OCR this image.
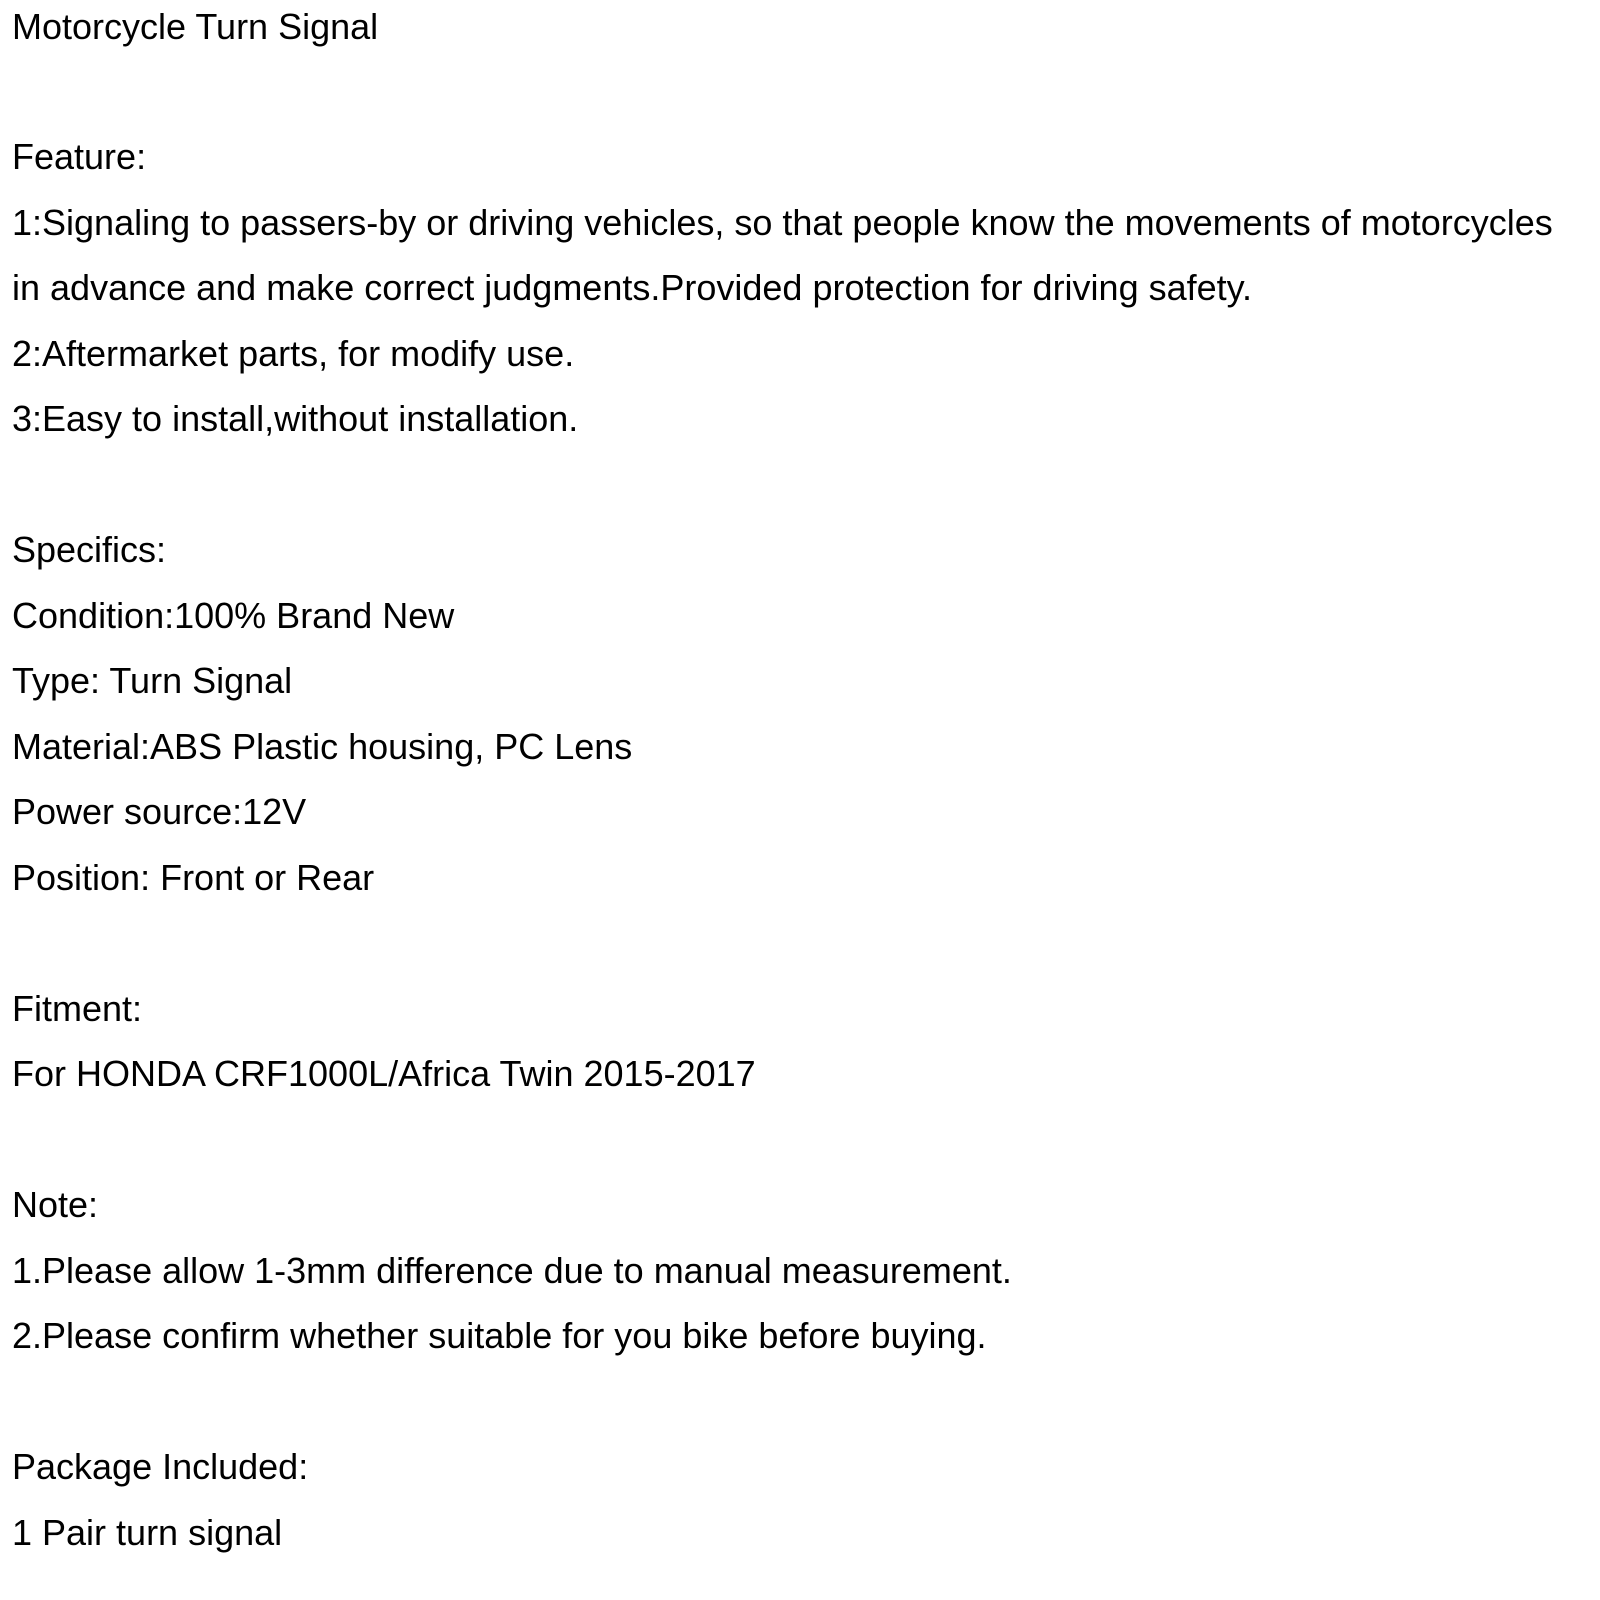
Motorcycle Turn Signal
Feature:
1:Signaling to passers-by or driving vehicles, so that people know the movements of motorcycles
in advance and make correct judgments.Provided protection for driving safety.
2:Aftermarket parts, for modify use.
3:Easy to install,without installation.
Specifics:
Condition:100% Brand New
Type: Turn Signal
Material:ABS Plastic housing, PC Lens
Power source:12V
Position: Front or Rear
Fitment:
For HONDA CRF1000L/Africa Twin 2015-2017
Note:
1.Please allow 1-3mm difference due to manual measurement.
2.Please confirm whether suitable for you bike before buying.
Package Included:
1 Pair turn signal
